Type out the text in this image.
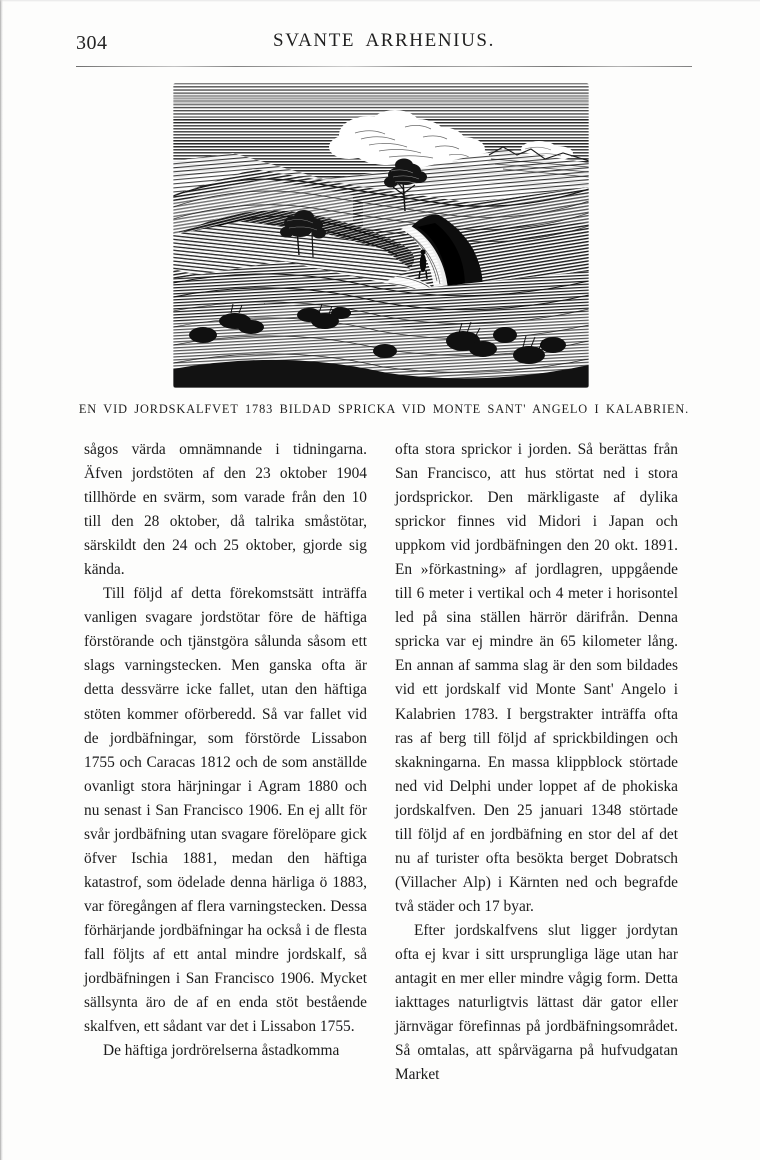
304	SVANTE ARRHENIUS.
EN VID JORDSKALFVET 1783 BILDAD SPRICKA VID MONTE SANT' ANGELO I KALABRIEN.

sågos värda omnämnande i tidningarna. Äfven jordstöten af den 23 oktober 1904 tillhörde en svärm, som varade från den 10 till den 28 oktober, då talrika småstötar, särskildt den 24 och 25 oktober, gjorde sig kända.

Till följd af detta förekomstsätt inträffa vanligen svagare jordstötar före de häftiga förstörande och tjänstgöra sålunda såsom ett slags varningstecken. Men ganska ofta är detta dessvärre icke fallet, utan den häftiga stöten kommer oförberedd. Så var fallet vid de jordbäfningar, som förstörde Lissabon 1755 och Caracas 1812 och de som anställde ovanligt stora härjningar i Agram 1880 och nu senast i San Francisco 1906. En ej allt för svår jordbäfning utan svagare förelöpare gick öfver Ischia 1881, medan den häftiga katastrof, som ödelade denna härliga ö 1883, var föregången af flera varningstecken. Dessa förhärjande jordbäfningar ha också i de flesta fall följts af ett antal mindre jordskalf, så jordbäfningen i San Francisco 1906. Mycket sällsynta äro de af en enda stöt bestående skalfven, ett sådant var det i Lissabon 1755.

De häftiga jordrörelserna åstadkomma

ofta stora sprickor i jorden. Så berättas från San Francisco, att hus störtat ned i stora jordsprickor. Den märkligaste af dylika sprickor finnes vid Midori i Japan och uppkom vid jordbäfningen den 20 okt. 1891. En »förkastning» af jordlagren, uppgående till 6 meter i vertikal och 4 meter i horisontel led på sina ställen härrör därifrån. Denna spricka var ej mindre än 65 kilometer lång. En annan af samma slag är den som bildades vid ett jordskalf vid Monte Sant' Angelo i Kalabrien 1783. I bergstrakter inträffa ofta ras af berg till följd af sprickbildingen och skakningarna. En massa klippblock störtade ned vid Delphi under loppet af de phokiska jordskalfven. Den 25 januari 1348 störtade till följd af en jordbäfning en stor del af det nu af turister ofta besökta berget Dobratsch (Villacher Alp) i Kärnten ned och begrafde två städer och 17 byar.

Efter jordskalfvens slut ligger jordytan ofta ej kvar i sitt ursprungliga läge utan har antagit en mer eller mindre vågig form. Detta iakttages naturligtvis lättast där gator eller järnvägar förefinnas på jordbäfningsområdet. Så omtalas, att spårvägarna på hufvudgatan Market
